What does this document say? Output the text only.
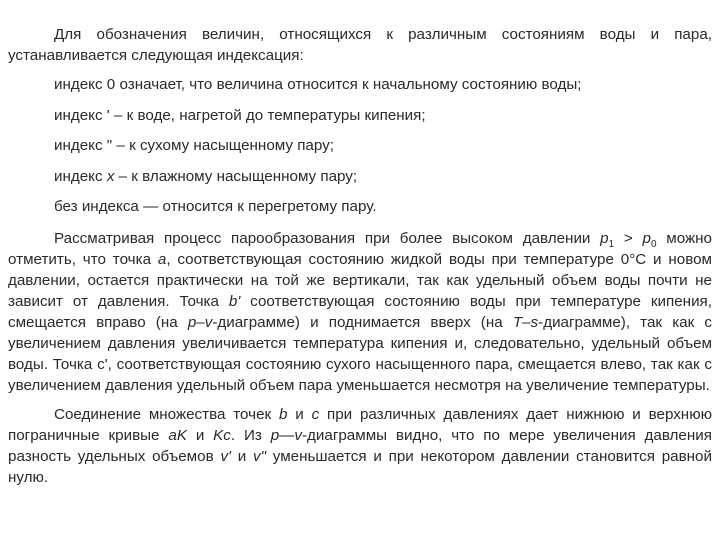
Для обозначения величин, относящихся к различным состояниям воды и пара, устанавливается следующая индексация:

индекс 0 означает, что величина относится к начальному состоянию воды;
индекс ' – к воде, нагретой до температуры кипения;
индекс " – к сухому насыщенному пару;
индекс x – к влажному насыщенному пару;
без индекса — относится к перегретому пару.

Рассматривая процесс парообразования при более высоком давлении $p_1 > p_0$ можно отметить, что точка a, соответствующая состоянию жидкой воды при температуре 0°С и новом давлении, остается практически на той же вертикали, так как удельный объем воды почти не зависит от давления. Точка b' соответствующая состоянию воды при температуре кипения, смещается вправо (на p–v-диаграмме) и поднимается вверх (на T–s-диаграмме), так как с увеличением давления увеличивается температура кипения и, следовательно, удельный объем воды. Точка c', соответствующая состоянию сухого насыщенного пара, смещается влево, так как с увеличением давления удельный объем пара уменьшается несмотря на увеличение температуры.

Соединение множества точек b и c при различных давлениях дает нижнюю и верхнюю пограничные кривые aK и Kc. Из p—v-диаграммы видно, что по мере увеличения давления разность удельных объемов v' и v" уменьшается и при некотором давлении становится равной нулю.
